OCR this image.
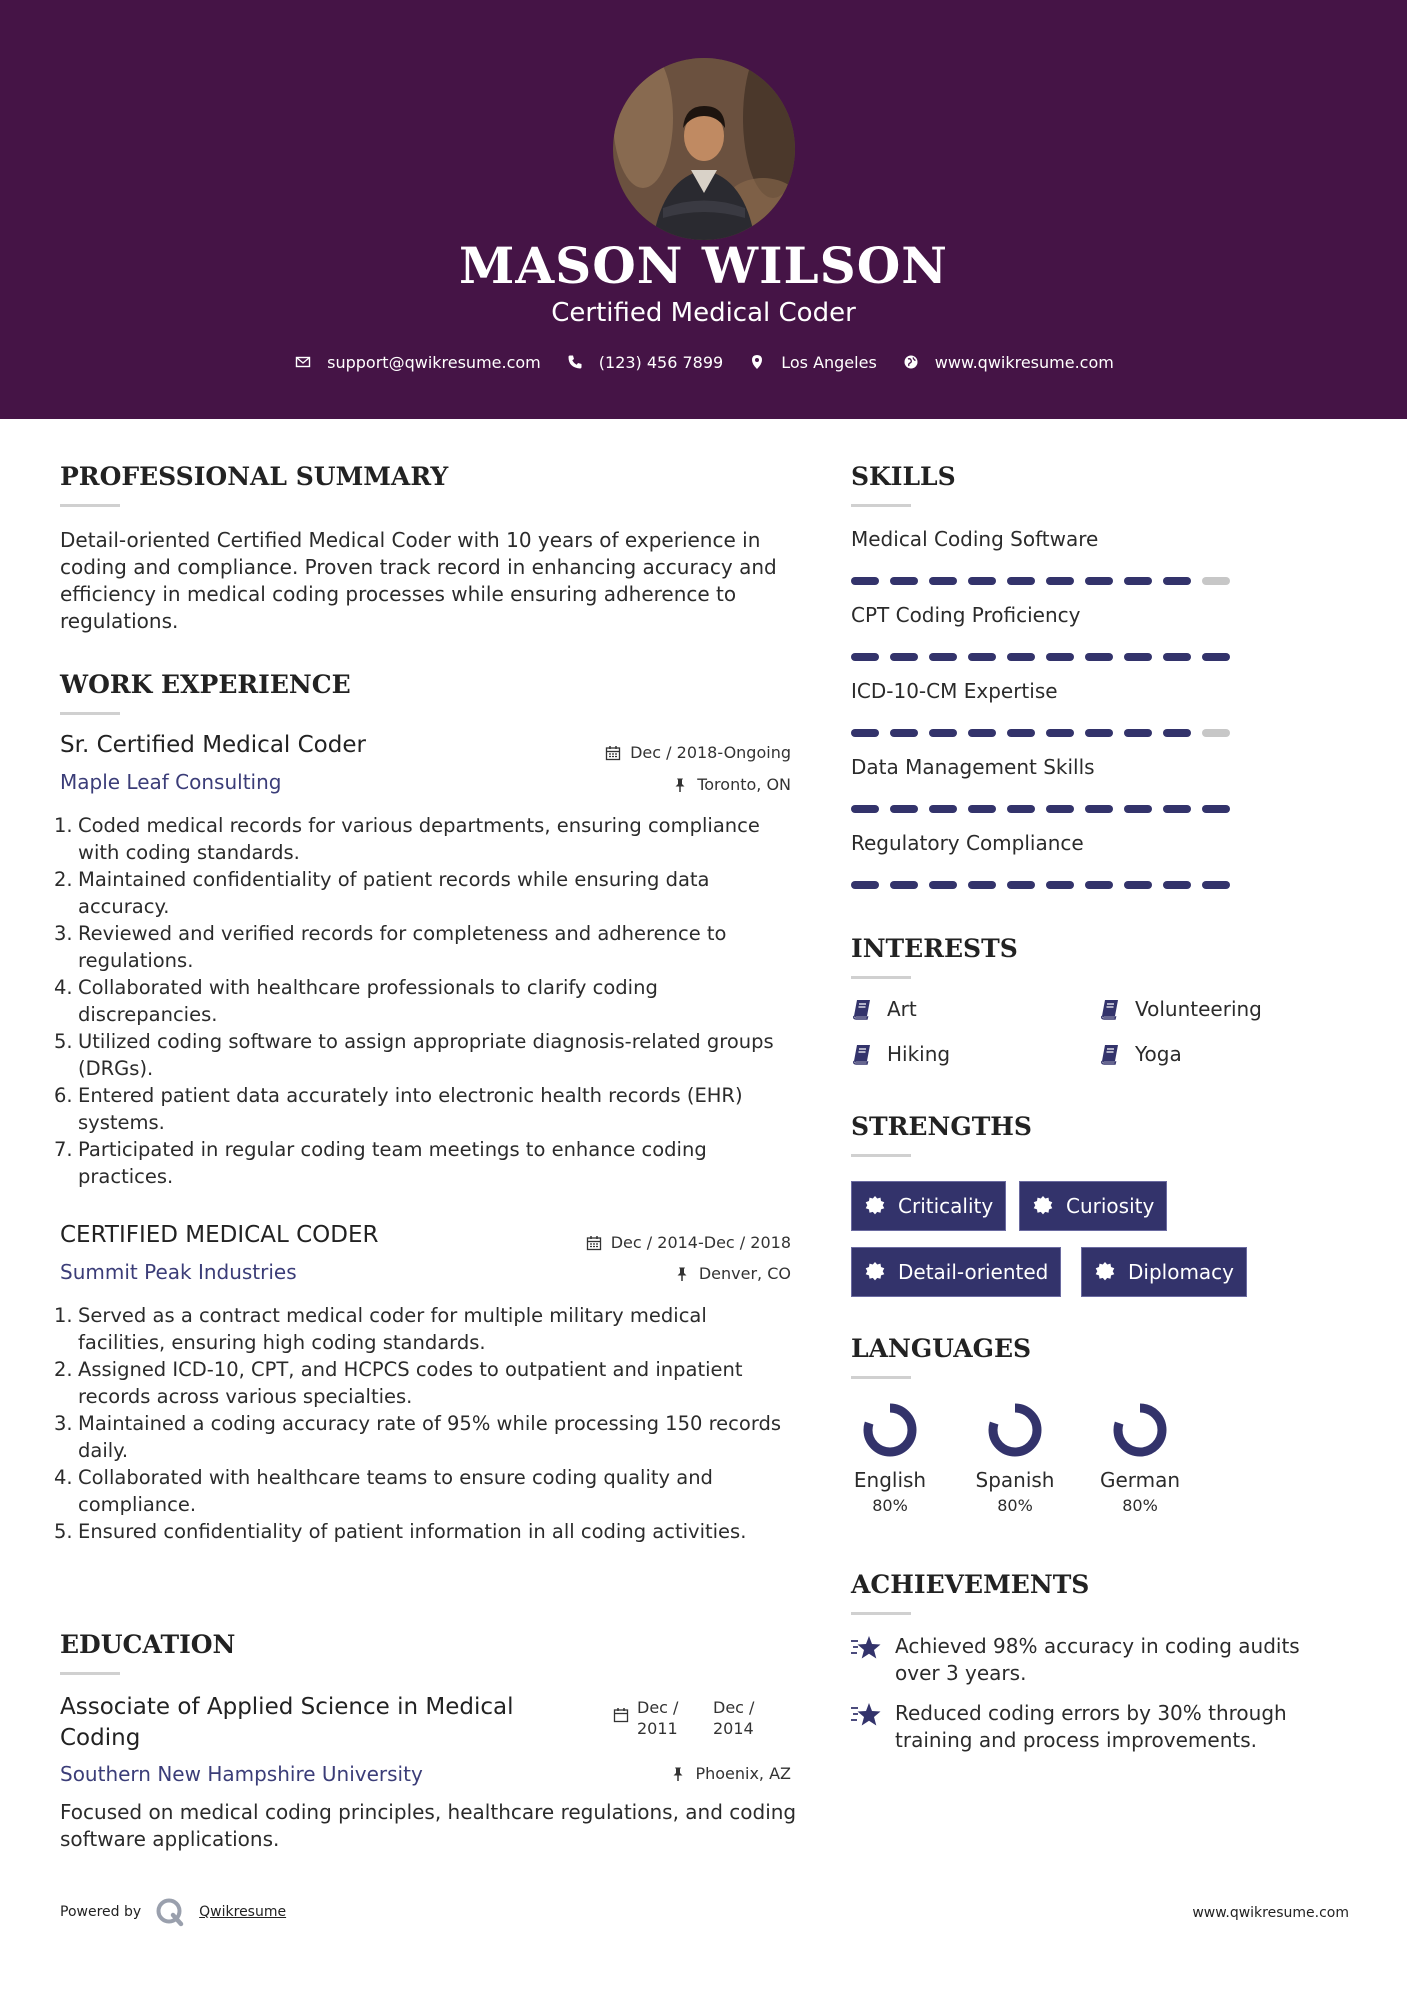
MASON WILSON
Certified Medical Coder
support@qwikresume.com	(123) 456 7899	Los Angeles	www.qwikresume.com
PROFESSIONAL SUMMARY
Detail-oriented Certified Medical Coder with 10 years of experience in coding and compliance. Proven track record in enhancing accuracy and efficiency in medical coding processes while ensuring adherence to regulations.
WORK EXPERIENCE
Sr. Certified Medical Coder	Dec / 2018-Ongoing
Maple Leaf Consulting	Toronto, ON
1. Coded medical records for various departments, ensuring compliance with coding standards.
2. Maintained confidentiality of patient records while ensuring data accuracy.
3. Reviewed and verified records for completeness and adherence to regulations.
4. Collaborated with healthcare professionals to clarify coding discrepancies.
5. Utilized coding software to assign appropriate diagnosis-related groups (DRGs).
6. Entered patient data accurately into electronic health records (EHR) systems.
7. Participated in regular coding team meetings to enhance coding practices.
CERTIFIED MEDICAL CODER	Dec / 2014-Dec / 2018
Summit Peak Industries	Denver, CO
1. Served as a contract medical coder for multiple military medical facilities, ensuring high coding standards.
2. Assigned ICD-10, CPT, and HCPCS codes to outpatient and inpatient records across various specialties.
3. Maintained a coding accuracy rate of 95% while processing 150 records daily.
4. Collaborated with healthcare teams to ensure coding quality and compliance.
5. Ensured confidentiality of patient information in all coding activities.
EDUCATION
Associate of Applied Science in Medical
Coding
Dec /
2011
Dec /
2014
Southern New Hampshire University	Phoenix, AZ
Focused on medical coding principles, healthcare regulations, and coding software applications.
SKILLS
Medical Coding Software
CPT Coding Proficiency
ICD-10-CM Expertise
Data Management Skills
Regulatory Compliance
INTERESTS
Art	Volunteering
Hiking	Yoga
STRENGTHS
Criticality	Curiosity
Detail-oriented	Diplomacy
LANGUAGES
English
80%
Spanish
80%
German
80%
ACHIEVEMENTS
Achieved 98% accuracy in coding audits
over 3 years.
Reduced coding errors by 30% through
training and process improvements.
Powered by	Qwikresume	www.qwikresume.com
